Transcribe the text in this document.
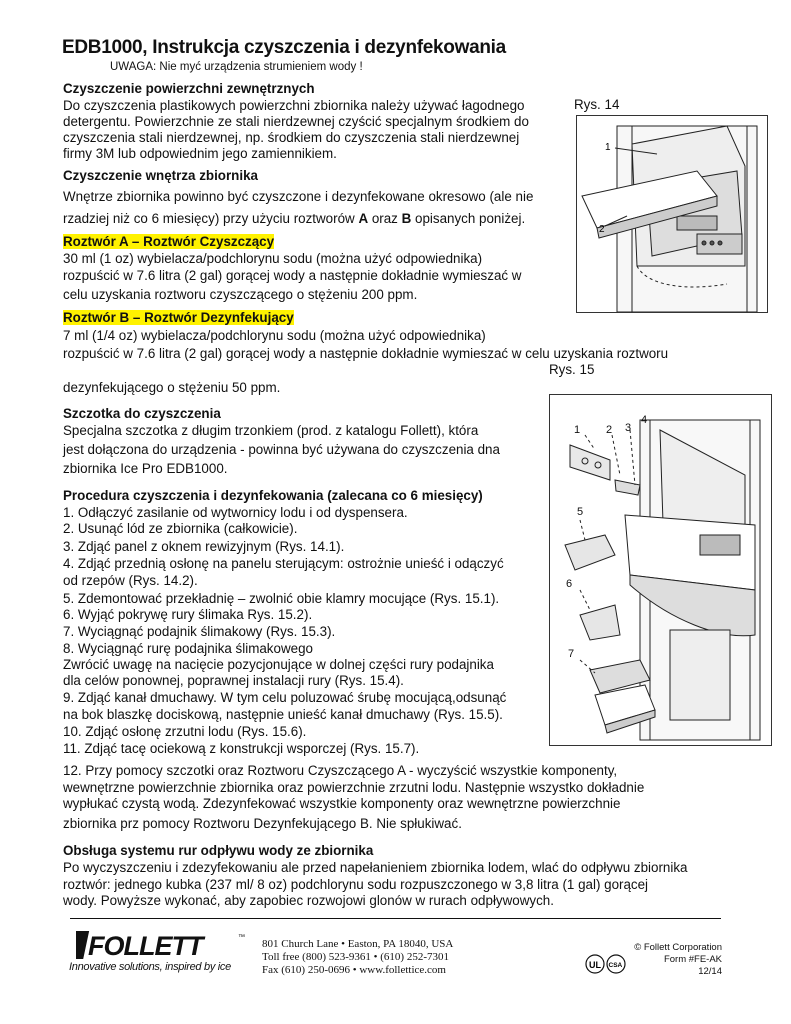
EDB1000, Instrukcja czyszczenia i dezynfekowania
UWAGA: Nie myć urządzenia strumieniem wody !
Czyszczenie powierzchni zewnętrznych
Do czyszczenia plastikowych powierzchni zbiornika należy używać łagodnego
detergentu. Powierzchnie ze stali nierdzewnej czyścić specjalnym środkiem do
czyszczenia stali nierdzewnej, np. środkiem do czyszczenia stali nierdzewnej
firmy 3M lub odpowiednim jego zamiennikiem.
Czyszczenie wnętrza zbiornika
Wnętrze zbiornika powinno być czyszczone i dezynfekowane okresowo (ale nie
rzadziej niż co 6 miesięcy) przy użyciu roztworów A oraz B opisanych poniżej.
Roztwór A – Roztwór Czyszczący
30 ml (1 oz) wybielacza/podchlorynu sodu (można użyć odpowiednika)
rozpuścić w 7.6 litra (2 gal) gorącej wody a następnie dokładnie wymieszać w
celu uzyskania roztworu czyszczącego o stężeniu 200 ppm.
Roztwór B – Roztwór Dezynfekujący
7 ml (1/4 oz) wybielacza/podchlorynu sodu (można użyć odpowiednika)
rozpuścić w 7.6 litra (2 gal) gorącej wody a następnie dokładnie wymieszać w celu uzyskania roztworu
dezynfekującego o stężeniu 50 ppm.
Szczotka do czyszczenia
Specjalna szczotka z długim trzonkiem (prod. z katalogu Follett), która
jest dołączona do urządzenia - powinna być używana do czyszczenia dna
zbiornika Ice Pro EDB1000.
Procedura czyszczenia i dezynfekowania (zalecana co 6 miesięcy)
1. Odłączyć zasilanie od wytwornicy lodu i od dyspensera.
2. Usunąć lód ze zbiornika (całkowicie).
3. Zdjąć panel z oknem rewizyjnym (Rys. 14.1).
4. Zdjąć przednią osłonę na panelu sterującym: ostrożnie unieść i odączyć
od rzepów (Rys. 14.2).
5. Zdemontować przekładnię – zwolnić obie klamry mocujące (Rys. 15.1).
6. Wyjąć pokrywę rury ślimaka Rys. 15.2).
7. Wyciągnąć podajnik ślimakowy (Rys. 15.3).
8. Wyciągnąć rurę podajnika ślimakowego
Zwrócić uwagę na nacięcie pozycjonujące w dolnej części rury podajnika
dla celów ponownej, poprawnej instalacji rury (Rys. 15.4).
9. Zdjąć kanał dmuchawy. W tym celu poluzować śrubę mocującą,odsunąć
na bok blaszkę dociskową, następnie unieść kanał dmuchawy (Rys. 15.5).
10. Zdjąć osłonę zrzutni lodu (Rys. 15.6).
11. Zdjąć tacę ociekową z konstrukcji wsporczej (Rys. 15.7).
12. Przy pomocy szczotki oraz Roztworu Czyszczącego A - wyczyścić wszystkie komponenty,
wewnętrzne powierzchnie zbiornika oraz powierzchnie zrzutni lodu. Następnie wszystko dokładnie
wypłukać czystą wodą. Zdezynfekować wszystkie komponenty oraz wewnętrzne powierzchnie
zbiornika prz pomocy Roztworu Dezynfekującego B. Nie spłukiwać.
Obsługa systemu rur odpływu wody ze zbiornika
Po wyczyszczeniu i zdezyfekowaniu ale przed napełanieniem zbiornika lodem, wlać do odpływu zbiornika
roztwór: jednego kubka (237 ml/ 8 oz) podchlorynu sodu rozpuszczonego w 3,8 litra (1 gal) gorącej
wody. Powyższe wykonać, aby zapobiec rozwojowi glonów w rurach odpływowych.
Rys. 14
1
2
Rys. 15
1 2 3
4
5
6
7
FOLLETT	™
Innovative solutions, inspired by ice
801 Church Lane • Easton, PA 18040, USA
Toll free (800) 523-9361 • (610) 252-7301
Fax (610) 250-0696 • www.follettice.com	UL CSA
© Follett Corporation
Form #FE-AK
12/14
